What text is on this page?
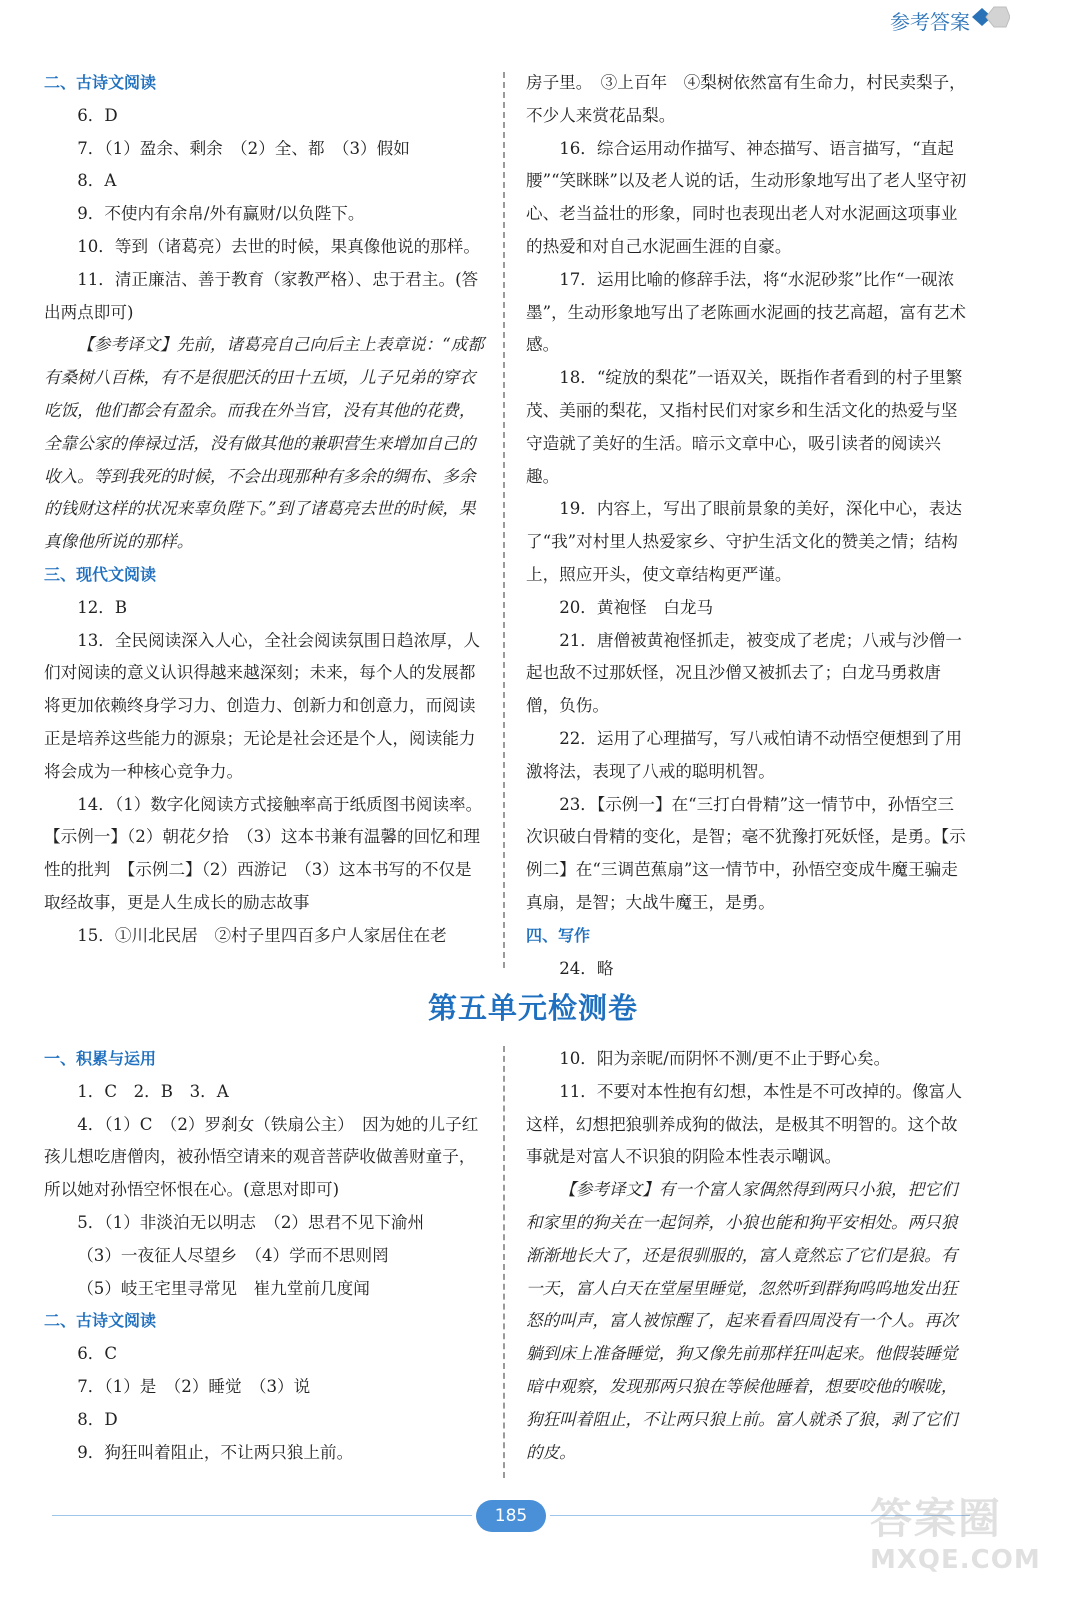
参考答案

二、古诗文阅读

6．D

7．（1）盈余、剩余　（2）全、都　（3）假如

8．A

9．不使内有余帛/外有赢财/以负陛下。

10．等到（诸葛亮）去世的时候，果真像他说的那样。

11．清正廉洁、善于教育（家教严格）、忠于君主。(答出两点即可)

【参考译文】先前，诸葛亮自己向后主上表章说：“成都有桑树八百株，有不是很肥沃的田十五顷，儿子兄弟的穿衣吃饭，他们都会有盈余。而我在外当官，没有其他的花费，全靠公家的俸禄过活，没有做其他的兼职营生来增加自己的收入。等到我死的时候，不会出现那种有多余的绸布、多余的钱财这样的状况来辜负陛下。”到了诸葛亮去世的时候，果真像他所说的那样。

三、现代文阅读

12．B

13．全民阅读深入人心，全社会阅读氛围日趋浓厚，人们对阅读的意义认识得越来越深刻；未来，每个人的发展都将更加依赖终身学习力、创造力、创新力和创意力，而阅读正是培养这些能力的源泉；无论是社会还是个人，阅读能力将会成为一种核心竞争力。

14．（1）数字化阅读方式接触率高于纸质图书阅读率。【示例一】（2）朝花夕拾　（3）这本书兼有温馨的回忆和理性的批判　【示例二】（2）西游记　（3）这本书写的不仅是取经故事，更是人生成长的励志故事

15．①川北民居　②村子里四百多户人家居住在老

房子里。　③上百年　④梨树依然富有生命力，村民卖梨子，不少人来赏花品梨。

16．综合运用动作描写、神态描写、语言描写，“直起腰”“笑眯眯”以及老人说的话，生动形象地写出了老人坚守初心、老当益壮的形象，同时也表现出老人对水泥画这项事业的热爱和对自己水泥画生涯的自豪。

17．运用比喻的修辞手法，将“水泥砂浆”比作“一砚浓墨”，生动形象地写出了老陈画水泥画的技艺高超，富有艺术感。

18．“绽放的梨花”一语双关，既指作者看到的村子里繁茂、美丽的梨花，又指村民们对家乡和生活文化的热爱与坚守造就了美好的生活。暗示文章中心，吸引读者的阅读兴趣。

19．内容上，写出了眼前景象的美好，深化中心，表达了“我”对村里人热爱家乡、守护生活文化的赞美之情；结构上，照应开头，使文章结构更严谨。

20．黄袍怪　白龙马

21．唐僧被黄袍怪抓走，被变成了老虎；八戒与沙僧一起也敌不过那妖怪，况且沙僧又被抓去了；白龙马勇救唐僧，负伤。

22．运用了心理描写，写八戒怕请不动悟空便想到了用激将法，表现了八戒的聪明机智。

23．【示例一】在“三打白骨精”这一情节中，孙悟空三次识破白骨精的变化，是智；毫不犹豫打死妖怪，是勇。【示例二】在“三调芭蕉扇”这一情节中，孙悟空变成牛魔王骗走真扇，是智；大战牛魔王，是勇。

四、写作

24．略

第五单元检测卷

一、积累与运用

1．C　2．B　3．A

4．（1）C　（2）罗刹女（铁扇公主）　因为她的儿子红孩儿想吃唐僧肉，被孙悟空请来的观音菩萨收做善财童子，所以她对孙悟空怀恨在心。(意思对即可)

5．（1）非淡泊无以明志　（2）思君不见下渝州

（3）一夜征人尽望乡　（4）学而不思则罔

（5）岐王宅里寻常见　崔九堂前几度闻

二、古诗文阅读

6．C

7．（1）是　（2）睡觉　（3）说

8．D

9．狗狂叫着阻止，不让两只狼上前。

10．阳为亲昵/而阴怀不测/更不止于野心矣。

11．不要对本性抱有幻想，本性是不可改掉的。像富人这样，幻想把狼驯养成狗的做法，是极其不明智的。这个故事就是对富人不识狼的阴险本性表示嘲讽。

【参考译文】有一个富人家偶然得到两只小狼，把它们和家里的狗关在一起饲养，小狼也能和狗平安相处。两只狼渐渐地长大了，还是很驯服的，富人竟然忘了它们是狼。有一天，富人白天在堂屋里睡觉，忽然听到群狗呜呜地发出狂怒的叫声，富人被惊醒了，起来看看四周没有一个人。再次躺到床上准备睡觉，狗又像先前那样狂叫起来。他假装睡觉暗中观察，发现那两只狼在等候他睡着，想要咬他的喉咙，狗狂叫着阻止，不让两只狼上前。富人就杀了狼，剥了它们的皮。

185	答案圈
MXQE.COM
